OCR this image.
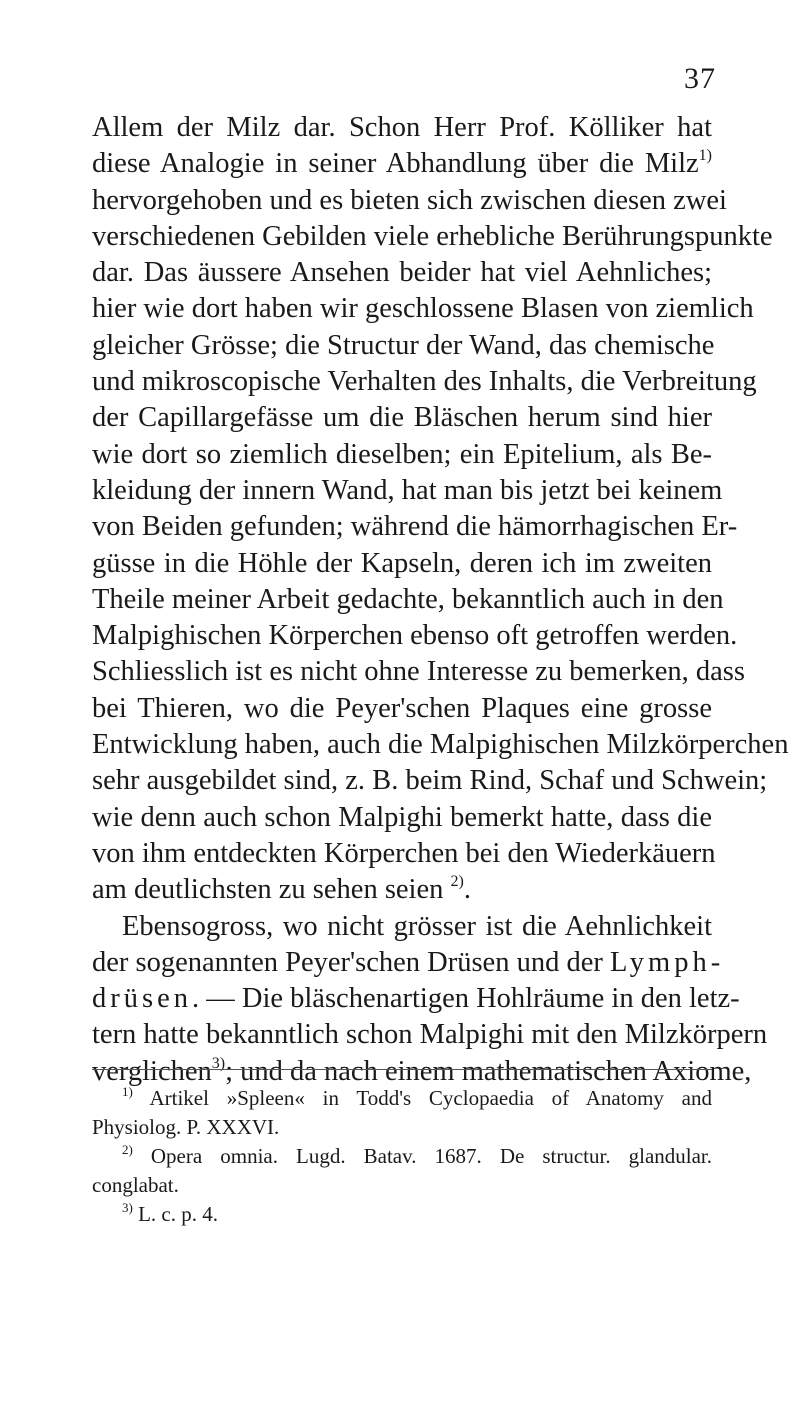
37
Allem der Milz dar. Schon Herr Prof. Kölliker hat
diese Analogie in seiner Abhandlung über die Milz$^{1)}$
hervorgehoben und es bieten sich zwischen diesen zwei
verschiedenen Gebilden viele erhebliche Berührungspunkte
dar. Das äussere Ansehen beider hat viel Aehnliches;
hier wie dort haben wir geschlossene Blasen von ziemlich
gleicher Grösse; die Structur der Wand, das chemische
und mikroscopische Verhalten des Inhalts, die Verbreitung
der Capillargefässe um die Bläschen herum sind hier
wie dort so ziemlich dieselben; ein Epitelium, als Be-
kleidung der innern Wand, hat man bis jetzt bei keinem
von Beiden gefunden; während die hämorrhagischen Er-
güsse in die Höhle der Kapseln, deren ich im zweiten
Theile meiner Arbeit gedachte, bekanntlich auch in den
Malpighischen Körperchen ebenso oft getroffen werden.
Schliesslich ist es nicht ohne Interesse zu bemerken, dass
bei Thieren, wo die Peyer'schen Plaques eine grosse
Entwicklung haben, auch die Malpighischen Milzkörperchen
sehr ausgebildet sind, z. B. beim Rind, Schaf und Schwein;
wie denn auch schon Malpighi bemerkt hatte, dass die
von ihm entdeckten Körperchen bei den Wiederkäuern
am deutlichsten zu sehen seien $^{2)}$.
Ebensogross, wo nicht grösser ist die Aehnlichkeit
der sogenannten Peyer'schen Drüsen und der Lymph-
drüsen. — Die bläschenartigen Hohlräume in den letz-
tern hatte bekanntlich schon Malpighi mit den Milzkörpern
verglichen$^{3)}$; und da nach einem mathematischen Axiome,
$^{1)}$ Artikel »Spleen« in Todd's Cyclopaedia of Anatomy and
Physiolog. P. XXXVI.
$^{2)}$ Opera omnia. Lugd. Batav. 1687. De structur. glandular.
conglabat.
$^{3)}$ L. c. p. 4.
